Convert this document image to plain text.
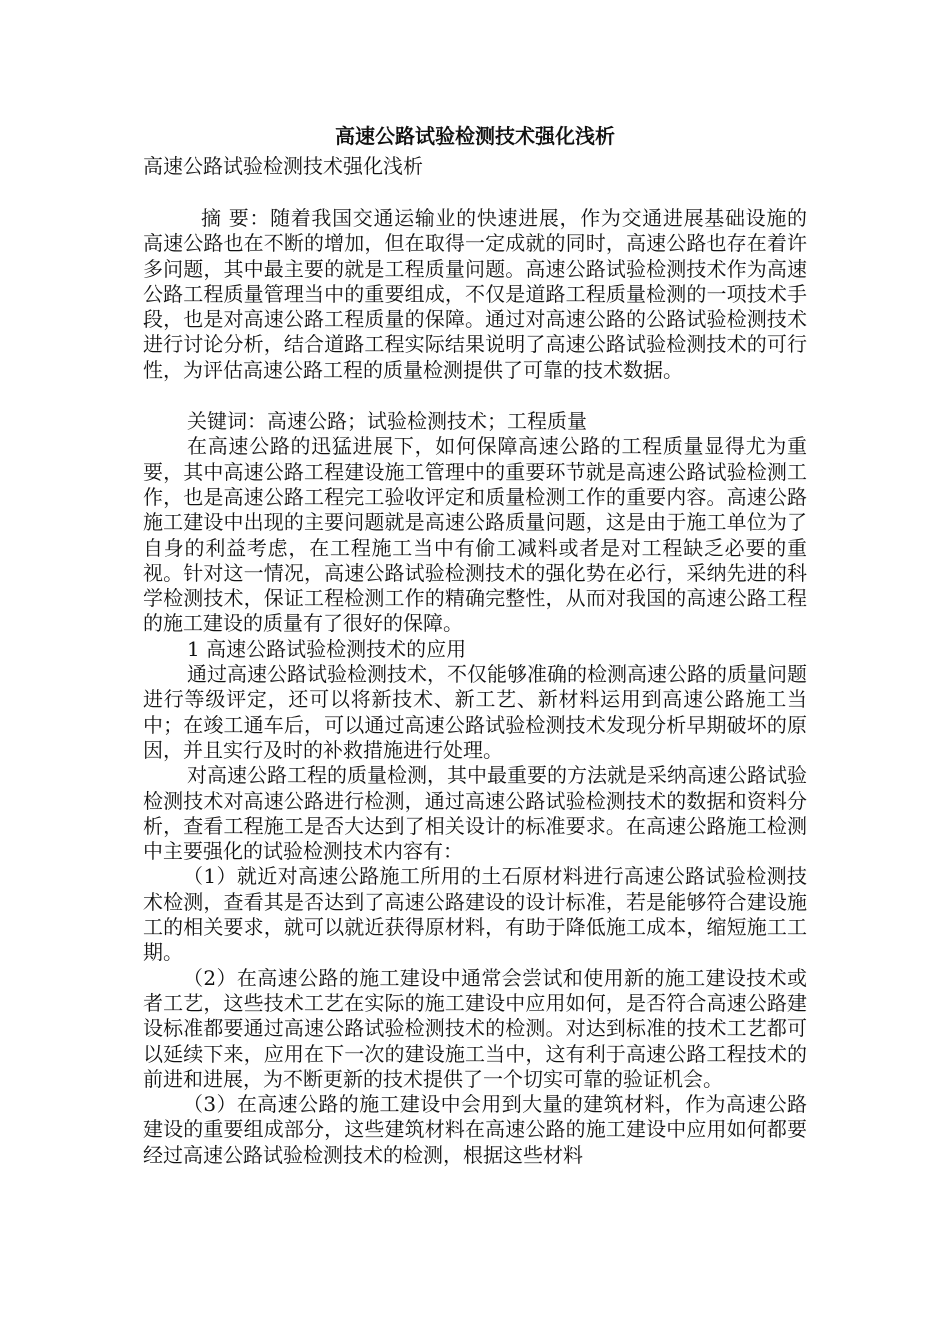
高速公路试验检测技术强化浅析

高速公路试验检测技术强化浅析

摘 要：随着我国交通运输业的快速进展，作为交通进展基础设施的高速公路也在不断的增加，但在取得一定成就的同时，高速公路也存在着许多问题，其中最主要的就是工程质量问题。高速公路试验检测技术作为高速公路工程质量管理当中的重要组成，不仅是道路工程质量检测的一项技术手段，也是对高速公路工程质量的保障。通过对高速公路的公路试验检测技术进行讨论分析，结合道路工程实际结果说明了高速公路试验检测技术的可行性，为评估高速公路工程的质量检测提供了可靠的技术数据。

关键词：高速公路；试验检测技术；工程质量

在高速公路的迅猛进展下，如何保障高速公路的工程质量显得尤为重要，其中高速公路工程建设施工管理中的重要环节就是高速公路试验检测工作，也是高速公路工程完工验收评定和质量检测工作的重要内容。高速公路施工建设中出现的主要问题就是高速公路质量问题，这是由于施工单位为了自身的利益考虑，在工程施工当中有偷工减料或者是对工程缺乏必要的重视。针对这一情况，高速公路试验检测技术的强化势在必行，采纳先进的科学检测技术，保证工程检测工作的精确完整性，从而对我国的高速公路工程的施工建设的质量有了很好的保障。

1 高速公路试验检测技术的应用

通过高速公路试验检测技术，不仅能够准确的检测高速公路的质量问题进行等级评定，还可以将新技术、新工艺、新材料运用到高速公路施工当中；在竣工通车后，可以通过高速公路试验检测技术发现分析早期破坏的原因，并且实行及时的补救措施进行处理。

对高速公路工程的质量检测，其中最重要的方法就是采纳高速公路试验检测技术对高速公路进行检测，通过高速公路试验检测技术的数据和资料分析，查看工程施工是否大达到了相关设计的标准要求。在高速公路施工检测中主要强化的试验检测技术内容有：

（1）就近对高速公路施工所用的土石原材料进行高速公路试验检测技术检测，查看其是否达到了高速公路建设的设计标准，若是能够符合建设施工的相关要求，就可以就近获得原材料，有助于降低施工成本，缩短施工工期。

（2）在高速公路的施工建设中通常会尝试和使用新的施工建设技术或者工艺，这些技术工艺在实际的施工建设中应用如何，是否符合高速公路建设标准都要通过高速公路试验检测技术的检测。对达到标准的技术工艺都可以延续下来，应用在下一次的建设施工当中，这有利于高速公路工程技术的前进和进展，为不断更新的技术提供了一个切实可靠的验证机会。

（3）在高速公路的施工建设中会用到大量的建筑材料，作为高速公路建设的重要组成部分，这些建筑材料在高速公路的施工建设中应用如何都要经过高速公路试验检测技术的检测，根据这些材料
